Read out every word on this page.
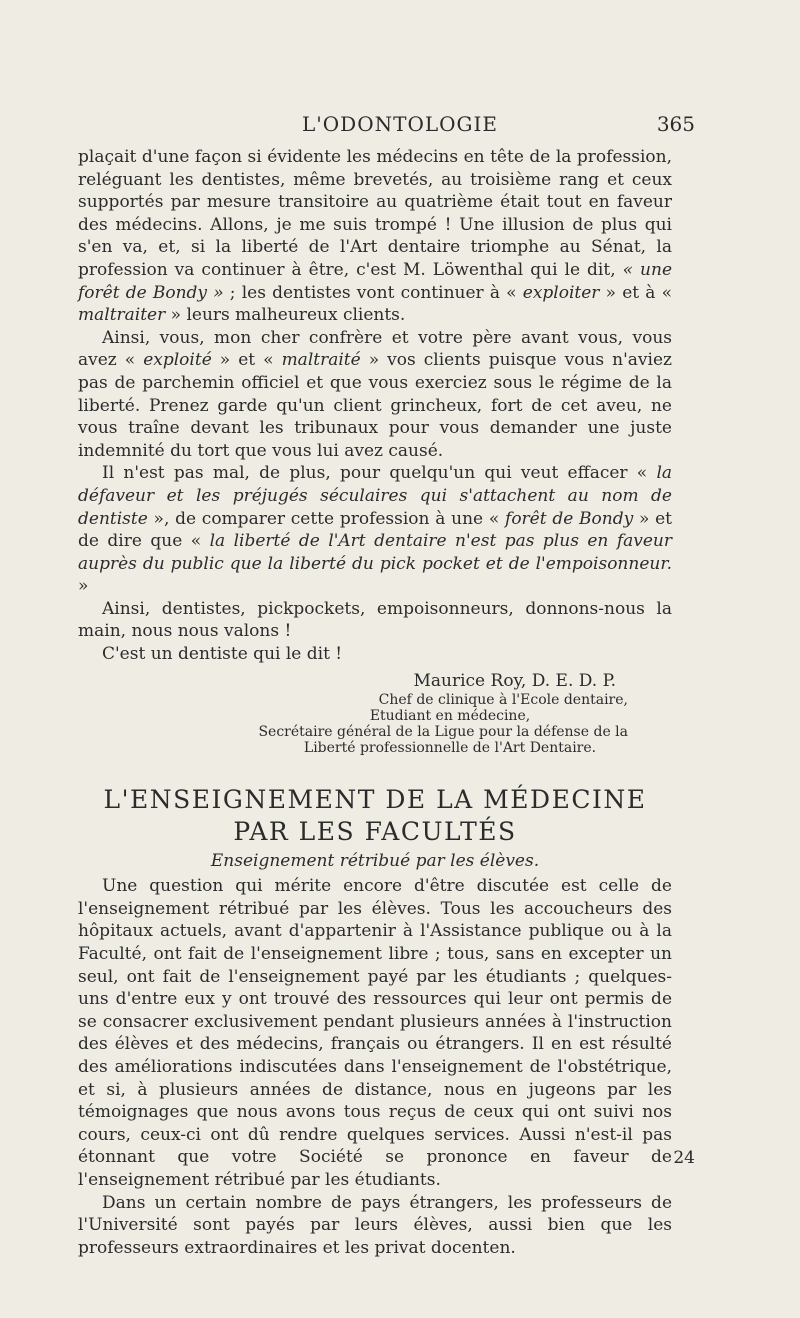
L'ODONTOLOGIE	365

plaçait d'une façon si évidente les médecins en tête de la profession, reléguant les dentistes, même brevetés, au troisième rang et ceux supportés par mesure transitoire au quatrième était tout en faveur des médecins. Allons, je me suis trompé ! Une illusion de plus qui s'en va, et, si la liberté de l'Art dentaire triomphe au Sénat, la profession va continuer à être, c'est M. Löwenthal qui le dit, « une forêt de Bondy » ; les dentistes vont continuer à « exploiter » et à « maltraiter » leurs malheureux clients.

Ainsi, vous, mon cher confrère et votre père avant vous, vous avez « exploité » et « maltraité » vos clients puisque vous n'aviez pas de parchemin officiel et que vous exerciez sous le régime de la liberté. Prenez garde qu'un client grincheux, fort de cet aveu, ne vous traîne devant les tribunaux pour vous demander une juste indemnité du tort que vous lui avez causé.

Il n'est pas mal, de plus, pour quelqu'un qui veut effacer « la défaveur et les préjugés séculaires qui s'attachent au nom de dentiste », de comparer cette profession à une « forêt de Bondy » et de dire que « la liberté de l'Art dentaire n'est pas plus en faveur auprès du public que la liberté du pick pocket et de l'empoisonneur. »

Ainsi, dentistes, pickpockets, empoisonneurs, donnons-nous la main, nous nous valons !

C'est un dentiste qui le dit !

Maurice Roy, D. E. D. P.
Chef de clinique à l'Ecole dentaire,
Etudiant en médecine,
Secrétaire général de la Ligue pour la défense de la
Liberté professionnelle de l'Art Dentaire.
L'ENSEIGNEMENT DE LA MÉDECINE PAR LES FACULTÉS
Enseignement rétribué par les élèves.

Une question qui mérite encore d'être discutée est celle de l'enseignement rétribué par les élèves. Tous les accoucheurs des hôpitaux actuels, avant d'appartenir à l'Assistance publique ou à la Faculté, ont fait de l'enseignement libre ; tous, sans en excepter un seul, ont fait de l'enseignement payé par les étudiants ; quelques-uns d'entre eux y ont trouvé des ressources qui leur ont permis de se consacrer exclusivement pendant plusieurs années à l'instruction des élèves et des médecins, français ou étrangers. Il en est résulté des améliorations indiscutées dans l'enseignement de l'obstétrique, et si, à plusieurs années de distance, nous en jugeons par les témoignages que nous avons tous reçus de ceux qui ont suivi nos cours, ceux-ci ont dû rendre quelques services. Aussi n'est-il pas étonnant que votre Société se prononce en faveur de l'enseignement rétribué par les étudiants.

Dans un certain nombre de pays étrangers, les professeurs de l'Université sont payés par leurs élèves, aussi bien que les professeurs extraordinaires et les privat docenten.

24
